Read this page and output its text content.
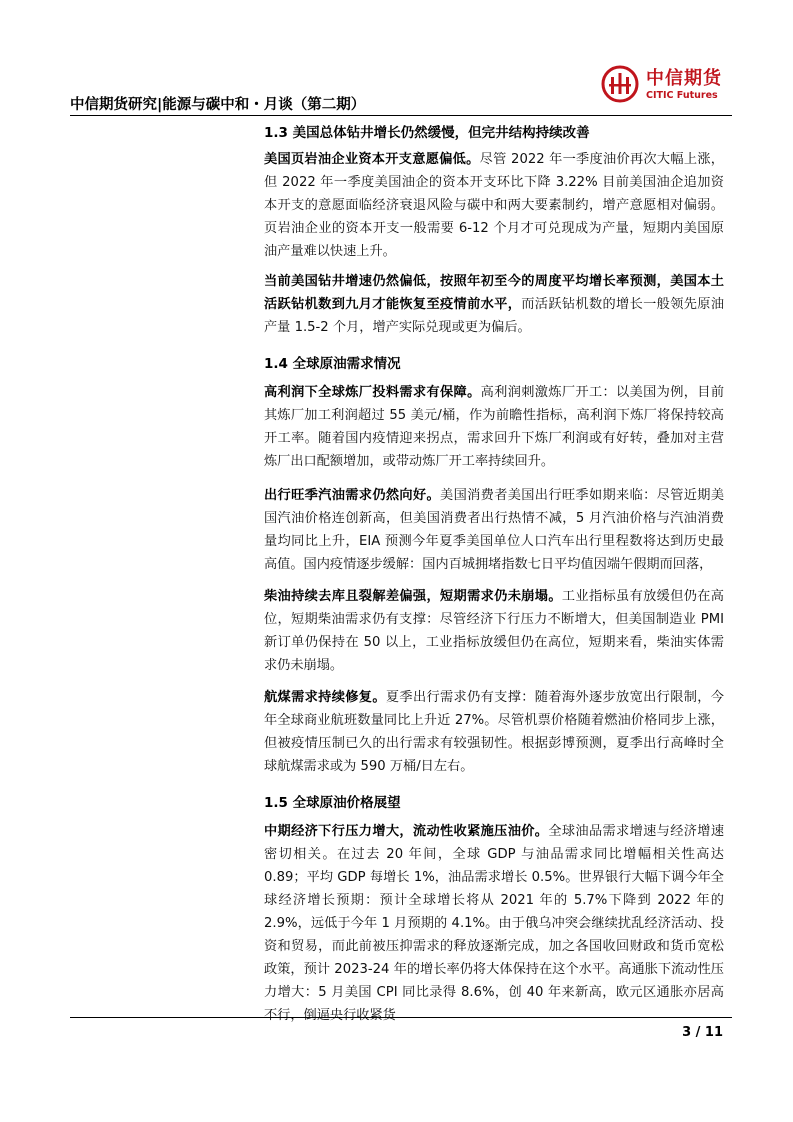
中信期货研究|能源与碳中和・月谈（第二期）
中信期货
CITIC Futures
1.3 美国总体钻井增长仍然缓慢，但完井结构持续改善
美国页岩油企业资本开支意愿偏低。尽管 2022 年一季度油价再次大幅上涨，但 2022 年一季度美国油企的资本开支环比下降 3.22% 目前美国油企追加资本开支的意愿面临经济衰退风险与碳中和两大要素制约，增产意愿相对偏弱。页岩油企业的资本开支一般需要 6-12 个月才可兑现成为产量，短期内美国原油产量难以快速上升。
当前美国钻井增速仍然偏低，按照年初至今的周度平均增长率预测，美国本土活跃钻机数到九月才能恢复至疫情前水平，而活跃钻机数的增长一般领先原油产量 1.5-2 个月，增产实际兑现或更为偏后。
1.4 全球原油需求情况
高利润下全球炼厂投料需求有保障。高利润刺激炼厂开工：以美国为例，目前其炼厂加工利润超过 55 美元/桶，作为前瞻性指标，高利润下炼厂将保持较高开工率。随着国内疫情迎来拐点，需求回升下炼厂利润或有好转，叠加对主营炼厂出口配额增加，或带动炼厂开工率持续回升。
出行旺季汽油需求仍然向好。美国消费者美国出行旺季如期来临：尽管近期美国汽油价格连创新高，但美国消费者出行热情不减，5 月汽油价格与汽油消费量均同比上升，EIA 预测今年夏季美国单位人口汽车出行里程数将达到历史最高值。国内疫情逐步缓解：国内百城拥堵指数七日平均值因端午假期而回落，
柴油持续去库且裂解差偏强，短期需求仍未崩塌。工业指标虽有放缓但仍在高位，短期柴油需求仍有支撑：尽管经济下行压力不断增大，但美国制造业 PMI 新订单仍保持在 50 以上，工业指标放缓但仍在高位，短期来看，柴油实体需求仍未崩塌。
航煤需求持续修复。夏季出行需求仍有支撑：随着海外逐步放宽出行限制，今年全球商业航班数量同比上升近 27%。尽管机票价格随着燃油价格同步上涨，但被疫情压制已久的出行需求有较强韧性。根据彭博预测，夏季出行高峰时全球航煤需求或为 590 万桶/日左右。
1.5 全球原油价格展望
中期经济下行压力增大，流动性收紧施压油价。全球油品需求增速与经济增速密切相关。在过去 20 年间，全球 GDP 与油品需求同比增幅相关性高达 0.89；平均 GDP 每增长 1%，油品需求增长 0.5%。世界银行大幅下调今年全球经济增长预期：预计全球增长将从 2021 年的 5.7%下降到 2022 年的 2.9%，远低于今年 1 月预期的 4.1%。由于俄乌冲突会继续扰乱经济活动、投资和贸易，而此前被压抑需求的释放逐渐完成，加之各国收回财政和货币宽松政策，预计 2023-24 年的增长率仍将大体保持在这个水平。高通胀下流动性压力增大：5 月美国 CPI 同比录得 8.6%，创 40 年来新高，欧元区通胀亦居高不行，倒逼央行收紧货
3 / 11
